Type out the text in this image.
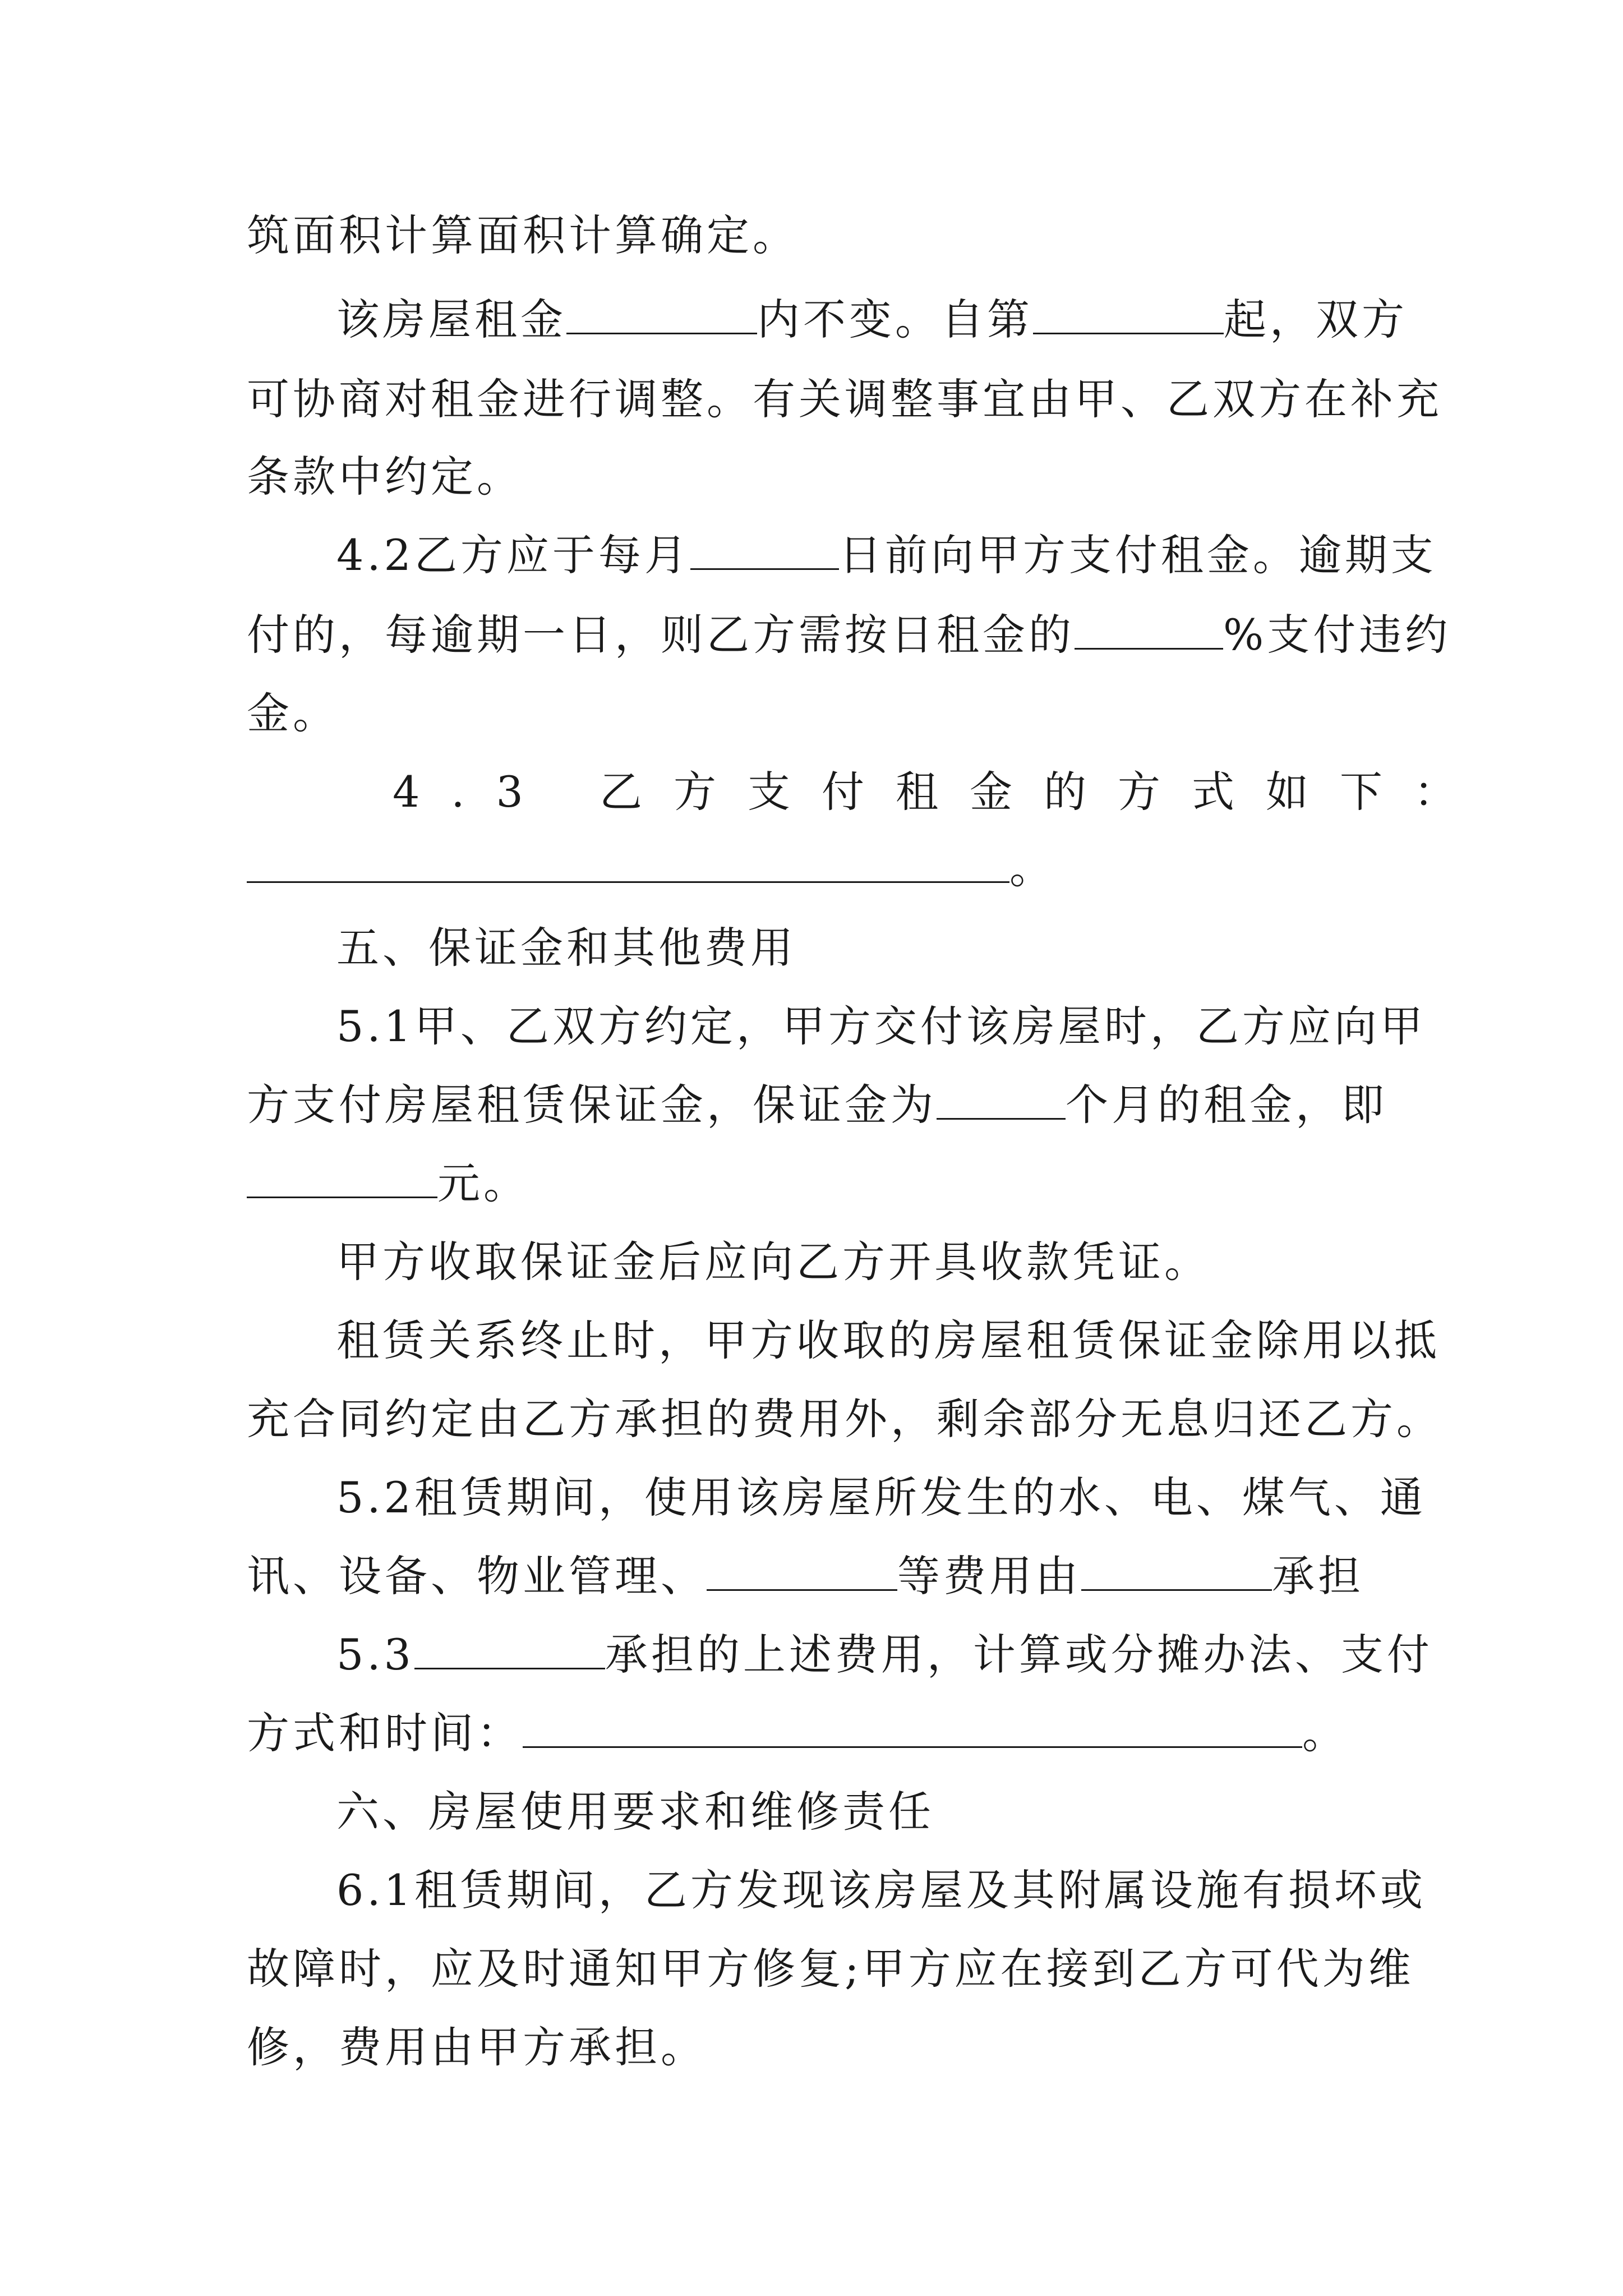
筑面积计算面积计算确定。
该房屋租金	内不变。自第	起，双方
可协商对租金进行调整。有关调整事宜由甲、乙双方在补充
条款中约定。
4.2乙方应于每月	日前向甲方支付租金。逾期支
付的，每逾期一日，则乙方需按日租金的	%支付违约
金。
4.3 乙方支付租金的方式如下：
。
五、保证金和其他费用
5.1甲、乙双方约定，甲方交付该房屋时，乙方应向甲
方支付房屋租赁保证金，保证金为	个月的租金，即
元。
甲方收取保证金后应向乙方开具收款凭证。
租赁关系终止时，甲方收取的房屋租赁保证金除用以抵
充合同约定由乙方承担的费用外，剩余部分无息归还乙方。
5.2租赁期间，使用该房屋所发生的水、电、煤气、通
讯、设备、物业管理、	等费用由	承担
5.3	承担的上述费用，计算或分摊办法、支付
方式和时间：	。
六、房屋使用要求和维修责任
6.1租赁期间，乙方发现该房屋及其附属设施有损坏或
故障时，应及时通知甲方修复;甲方应在接到乙方可代为维
修，费用由甲方承担。
